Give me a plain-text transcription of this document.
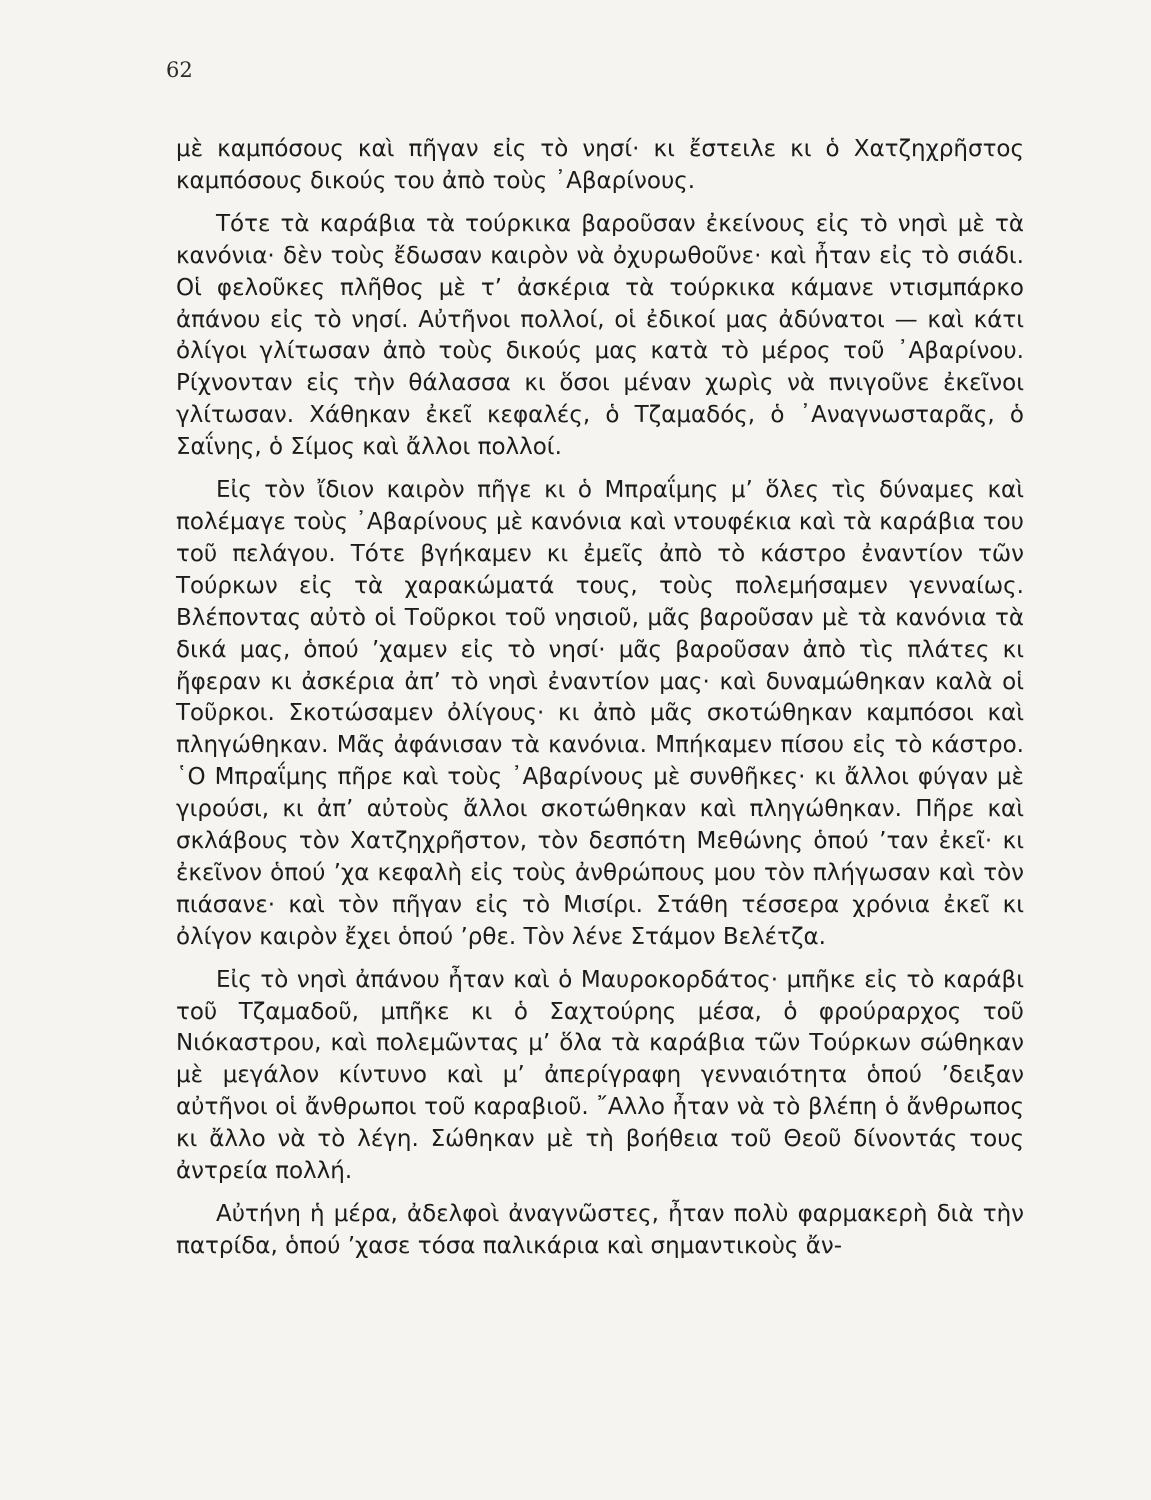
62

μὲ καμπόσους καὶ πῆγαν εἰς τὸ νησί· κι ἔστειλε κι ὁ Χατζηχρῆστος καμπόσους δικούς του ἀπὸ τοὺς ᾿Αβαρίνους.

Τότε τὰ καράβια τὰ τούρκικα βαροῦσαν ἐκείνους εἰς τὸ νησὶ μὲ τὰ κανόνια· δὲν τοὺς ἔδωσαν καιρὸν νὰ ὀχυρωθοῦνε· καὶ ἦταν εἰς τὸ σιάδι. Οἱ φελοῦκες πλῆθος μὲ τ’ ἀσκέρια τὰ τούρκικα κάμανε ντισμπάρκο ἀπάνου εἰς τὸ νησί. Αὐτῆνοι πολλοί, οἱ ἐδικοί μας ἀδύνατοι — καὶ κάτι ὀλίγοι γλίτωσαν ἀπὸ τοὺς δικούς μας κατὰ τὸ μέρος τοῦ ᾿Αβαρίνου. Ρίχνονταν εἰς τὴν θάλασσα κι ὅσοι μέναν χωρὶς νὰ πνιγοῦνε ἐκεῖνοι γλίτωσαν. Χάθηκαν ἐκεῖ κεφαλές, ὁ Τζαμαδός, ὁ ᾿Αναγνωσταρᾶς, ὁ Σαΐνης, ὁ Σίμος καὶ ἄλλοι πολλοί.

Εἰς τὸν ἴδιον καιρὸν πῆγε κι ὁ Μπραΐμης μ’ ὅλες τὶς δύναμες καὶ πολέμαγε τοὺς ᾿Αβαρίνους μὲ κανόνια καὶ ντουφέκια καὶ τὰ καράβια του τοῦ πελάγου. Τότε βγήκαμεν κι ἐμεῖς ἀπὸ τὸ κάστρο ἐναντίον τῶν Τούρκων εἰς τὰ χαρακώματά τους, τοὺς πολεμήσαμεν γενναίως. Βλέποντας αὐτὸ οἱ Τοῦρκοι τοῦ νησιοῦ, μᾶς βαροῦσαν μὲ τὰ κανόνια τὰ δικά μας, ὁπού ’χαμεν εἰς τὸ νησί· μᾶς βαροῦσαν ἀπὸ τὶς πλάτες κι ἤφεραν κι ἀσκέρια ἀπ’ τὸ νησὶ ἐναντίον μας· καὶ δυναμώθηκαν καλὰ οἱ Τοῦρκοι. Σκοτώσαμεν ὀλίγους· κι ἀπὸ μᾶς σκοτώθηκαν καμπόσοι καὶ πληγώθηκαν. Μᾶς ἀφάνισαν τὰ κανόνια. Μπήκαμεν πίσου εἰς τὸ κάστρο. ῾Ο Μπραΐμης πῆρε καὶ τοὺς ᾿Αβαρίνους μὲ συνθῆκες· κι ἄλλοι φύγαν μὲ γιρούσι, κι ἀπ’ αὐτοὺς ἄλλοι σκοτώθηκαν καὶ πληγώθηκαν. Πῆρε καὶ σκλάβους τὸν Χατζηχρῆστον, τὸν δεσπότη Μεθώνης ὁπού ’ταν ἐκεῖ· κι ἐκεῖνον ὁπού ’χα κεφαλὴ εἰς τοὺς ἀνθρώπους μου τὸν πλήγωσαν καὶ τὸν πιάσανε· καὶ τὸν πῆγαν εἰς τὸ Μισίρι. Στάθη τέσσερα χρόνια ἐκεῖ κι ὀλίγον καιρὸν ἔχει ὁπού ’ρθε. Τὸν λένε Στάμον Βελέτζα.

Εἰς τὸ νησὶ ἀπάνου ἦταν καὶ ὁ Μαυροκορδάτος· μπῆκε εἰς τὸ καράβι τοῦ Τζαμαδοῦ, μπῆκε κι ὁ Σαχτούρης μέσα, ὁ φρούραρχος τοῦ Νιόκαστρου, καὶ πολεμῶντας μ’ ὅλα τὰ καράβια τῶν Τούρκων σώθηκαν μὲ μεγάλον κίντυνο καὶ μ’ ἀπερίγραφη γενναιότητα ὁπού ’δειξαν αὐτῆνοι οἱ ἄνθρωποι τοῦ καραβιοῦ. ῎Αλλο ἦταν νὰ τὸ βλέπη ὁ ἄνθρωπος κι ἄλλο νὰ τὸ λέγη. Σώθηκαν μὲ τὴ βοήθεια τοῦ Θεοῦ δίνοντάς τους ἀντρεία πολλή.

Αὐτήνη ἡ μέρα, ἀδελφοὶ ἀναγνῶστες, ἦταν πολὺ φαρμακερὴ διὰ τὴν πατρίδα, ὁπού ’χασε τόσα παλικάρια καὶ σημαντικοὺς ἄν-
